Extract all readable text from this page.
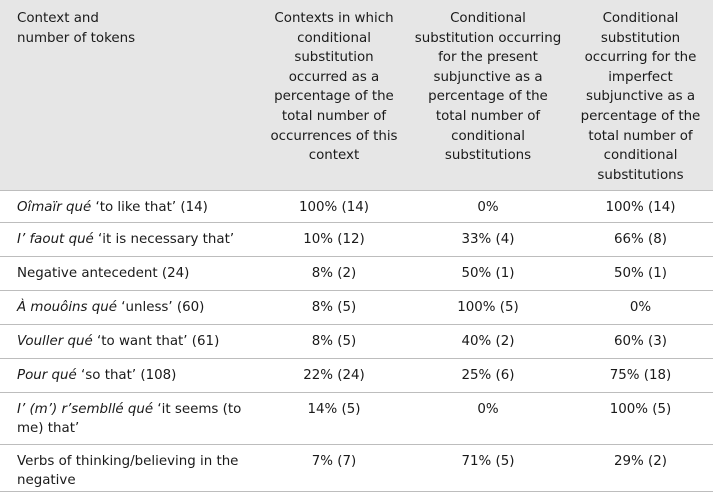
Context and
number of tokens	Contexts in which conditional substitution occurred as a percentage of the total number of occurrences of this context	Conditional substitution occurring for the present subjunctive as a percentage of the total number of conditional substitutions	Conditional substitution occurring for the imperfect subjunctive as a percentage of the total number of conditional substitutions
Oîmaïr qué ‘to like that’ (14)	100% (14)	0%	100% (14)
I’ faout qué ‘it is necessary that’	10% (12)	33% (4)	66% (8)
Negative antecedent (24)	8% (2)	50% (1)	50% (1)
À mouôins qué ‘unless’ (60)	8% (5)	100% (5)	0%
Vouller qué ‘to want that’ (61)	8% (5)	40% (2)	60% (3)
Pour qué ‘so that’ (108)	22% (24)	25% (6)	75% (18)
I’ (m’) r’sembllé qué ‘it seems (to me) that’	14% (5)	0%	100% (5)
Verbs of thinking/believing in the negative	7% (7)	71% (5)	29% (2)
